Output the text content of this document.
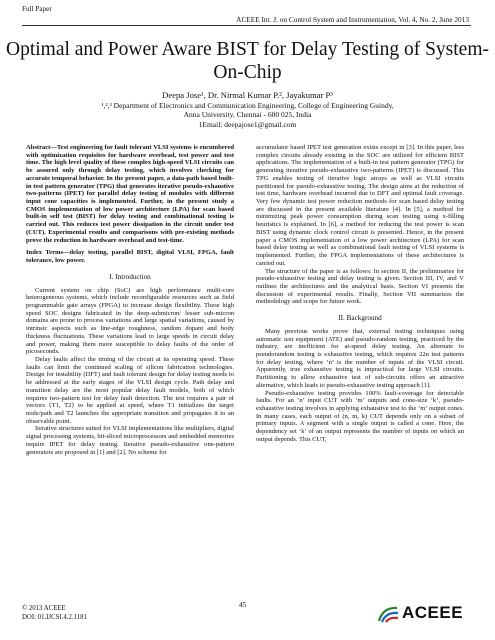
Full Paper
ACEEE Int. J. on Control System and Instrumentation, Vol. 4, No. 2, June 2013
Optimal and Power Aware BIST for Delay Testing of System-On-Chip
Deepa Jose¹, Dr. Nirmal Kumar P.², Jayakumar P³
¹,²,³ Department of Electronics and Communication Engineering, College of Engineering Guindy,
Anna University, Chennai - 600 025, India
1Email: deepajose1@gmail.com

Abstract—Test engineering for fault tolerant VLSI systems is encumbered with optimization requisites for hardware overhead, test power and test time. The high level quality of these complex high-speed VLSI circuits can be assured only through delay testing, which involves checking for accurate temporal behavior. In the present paper, a data-path based built-in test pattern generator (TPG) that generates iterative pseudo-exhaustive two-patterns (IPET) for parallel delay testing of modules with different input cone capacities is implemented. Further, in the present study a CMOS implementation of low power architecture (LPA) for scan based built-in self test (BIST) for delay testing and combinational testing is carried out. This reduces test power dissipation in the circuit under test (CUT). Experimental results and comparisons with pre-existing methods prove the reduction in hardware overhead and test-time.

Index Terms—delay testing, parallel BIST, digital VLSI, FPGA, fault tolerance, low power.

I. Introduction

Current system on chip (SoC) are high performance multi-core heterogeneous systems, which include reconfigurable resources such as field programmable gate arrays (FPGA) to increase design flexibility. These high speed SOC designs fabricated in the deep-submicron/ lesser sub-micron domains are prone to process variations and large spatial variations, caused by intrinsic aspects such as line-edge roughness, random dopant and body thickness fluctuations. These variations lead to large speeds in circuit delay and power, making them more susceptible to delay faults of the order of picoseconds.

Delay faults affect the timing of the circuit at its operating speed. These faults can limit the continued scaling of silicon fabrication technologies. Design for testability (DFT) and fault tolerant design for delay testing needs to be addressed at the early stages of the VLSI design cycle. Path delay and transition delay are the most popular delay fault models, both of which requires two-pattern test for delay fault detection. The test requires a pair of vectors {T1, T2} to be applied at speed, where T1 initializes the target node/path and T2 launches the appropriate transition and propagates it to an observable point.

Iterative structures suited for VLSI implementations like multipliers, digital signal processing systems, bit-sliced microprocessors and embedded memories require IPET for delay testing. Iterative pseudo-exhaustive one-pattern generators are proposed in [1] and [2]. No scheme for

accumulator based IPET test generation exists except in [3]. In this paper, less complex circuits already existing in the SOC are utilized for efficient BIST applications. The implementation of a built-in test pattern generator (TPG) for generating iterative pseudo-exhaustive two-patterns (IPET) is discussed. This TPG enables testing of iterative logic arrays as well as VLSI circuits partitioned for pseudo-exhaustive testing. The design aims at the reduction of test time, hardware overhead incurred due to DFT and optimal fault coverage. Very few dynamic test power reduction methods for scan based delay testing are discussed in the present available literature [4]. In [5], a method for minimizing peak power consumption during scan testing using x-filling heuristics is explained. In [6], a method for reducing the test power is scan BIST using dynamic clock control circuit is presented. Hence, in the present paper a CMOS implementation of a low power architecture (LPA) for scan based delay testing as well as combinational fault testing of VLSI systems is implemented. Further, the FPGA implementations of these architectures is carried out.

The structure of the paper is as follows: In section II, the preliminaries for pseudo-exhaustive testing and delay testing is given. Section III, IV, and V outlines the architectures and the analytical basis. Section VI presents the discussion of experimental results. Finally, Section VII summarizes the methodology and scope for future work.

II. Background

Many previous works prove that, external testing techniques using automatic test equipment (ATE) and pseudo-random testing, practiced by the industry, are inefficient for at-speed delay testing. An alternate to pseudorandom testing is exhaustive testing, which requires 22n test patterns for delay testing, where ‘n’ is the number of inputs of the VLSI circuit. Apparently, true exhaustive testing is impractical for large VLSI circuits. Partitioning to allow exhaustive test of sub-circuits offers an attractive alternative, which leads to pseudo-exhaustive testing approach [1].

Pseudo-exhaustive testing provides 100% fault-coverage for detectable faults. For an ‘n’ input CUT with ‘m’ outputs and cone-size ‘k’, pseudo-exhaustive testing involves in applying exhaustive test to the ‘m’ output cones. In many cases, each output of (n, m, k) CUT depends only on a subset of primary inputs. A segment with a single output is called a cone. Here, the dependency set ‘k’ of an output represents the number of inputs on which an output depends. This CUT,

© 2013 ACEEE
DOI: 01.IJCSI.4.2.1181
45	ACEEE
